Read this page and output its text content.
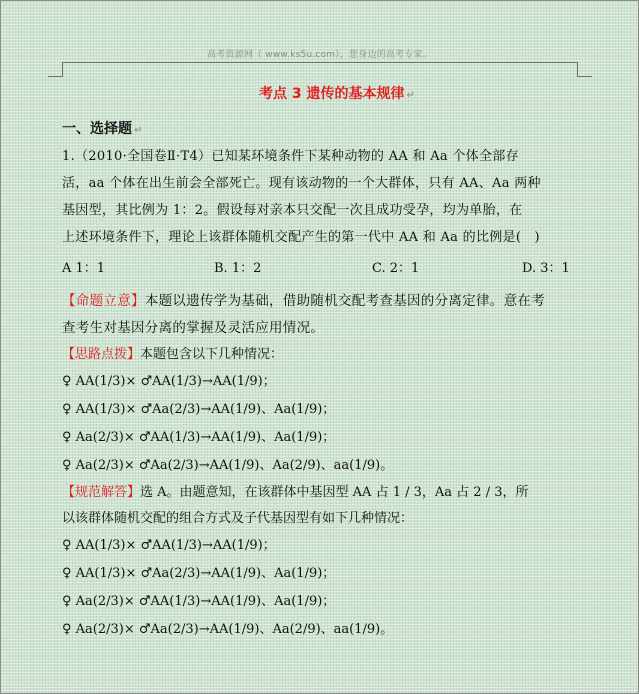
高考资源网（ www.ks5u.com），您身边的高考专家。
考点 3 遗传的基本规律 ↵
一、选择题 ↵
1.（2010·全国卷Ⅱ·T4）已知某环境条件下某种动物的 AA 和 Aa 个体全部存
活，aa 个体在出生前会全部死亡。现有该动物的一个大群体，只有 AA、Aa 两种
基因型，其比例为 1：2。假设每对亲本只交配一次且成功受孕，均为单胎，在
上述环境条件下，理论上该群体随机交配产生的第一代中 AA 和 Aa 的比例是(　)
A 1：1	B. 1：2	C. 2：1	D. 3：1
【命题立意】本题以遗传学为基础，借助随机交配考查基因的分离定律。意在考
查考生对基因分离的掌握及灵活应用情况。
【思路点拨】本题包含以下几种情况：
♀ AA(1/3)× ♂AA(1/3)→AA(1/9)；
♀ AA(1/3)× ♂Aa(2/3)→AA(1/9)、Aa(1/9)；
♀ Aa(2/3)× ♂AA(1/3)→AA(1/9)、Aa(1/9)；
♀ Aa(2/3)× ♂Aa(2/3)→AA(1/9)、Aa(2/9)、aa(1/9)。
【规范解答】选 A。由题意知，在该群体中基因型 AA 占 1 / 3，Aa 占 2 / 3，所
以该群体随机交配的组合方式及子代基因型有如下几种情况：
♀ AA(1/3)× ♂AA(1/3)→AA(1/9)；
♀ AA(1/3)× ♂Aa(2/3)→AA(1/9)、Aa(1/9)；
♀ Aa(2/3)× ♂AA(1/3)→AA(1/9)、Aa(1/9)；
♀ Aa(2/3)× ♂Aa(2/3)→AA(1/9)、Aa(2/9)、aa(1/9)。
